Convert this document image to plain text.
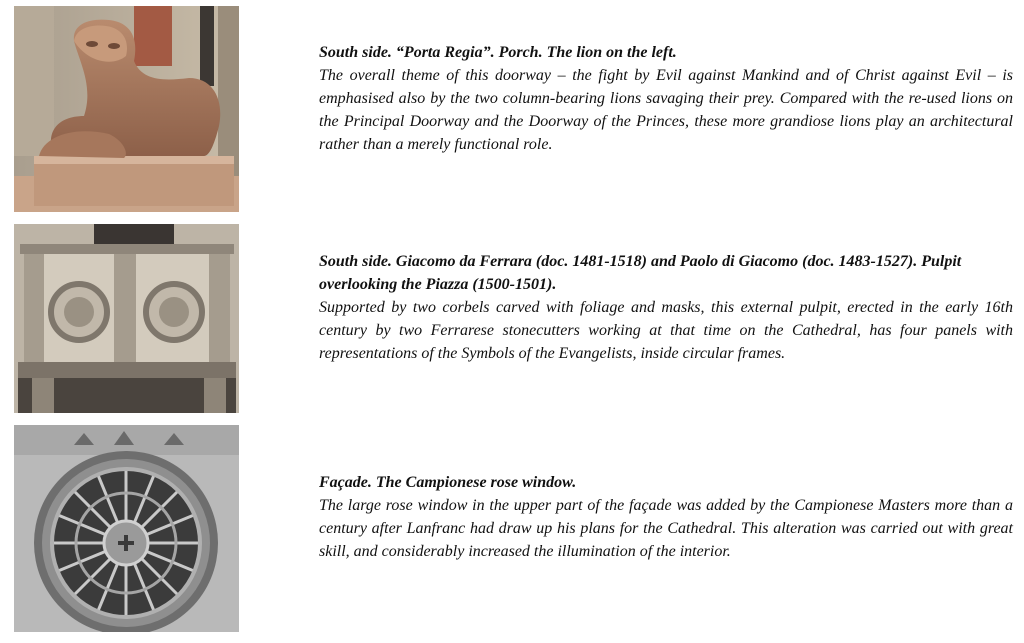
South side. “Porta Regia”. Porch. The lion on the left.
The overall theme of this doorway – the fight by Evil against Mankind and of Christ against Evil – is emphasised also by the two column-bearing lions savaging their prey. Compared with the re-used lions on the Principal Doorway and the Doorway of the Princes, these more grandiose lions play an architectural rather than a merely functional role.
South side. Giacomo da Ferrara (doc. 1481-1518) and Paolo di Giacomo (doc. 1483-1527). Pulpit overlooking the Piazza (1500-1501).
Supported by two corbels carved with foliage and masks, this external pulpit, erected in the early 16th century by two Ferrarese stonecutters working at that time on the Cathedral, has four panels with representations of the Symbols of the Evangelists, inside circular frames.
Façade. The Campionese rose window.
The large rose window in the upper part of the façade was added by the Campionese Masters more than a century after Lanfranc had draw up his plans for the Cathedral. This alteration was carried out with great skill, and considerably increased the illumination of the interior.
